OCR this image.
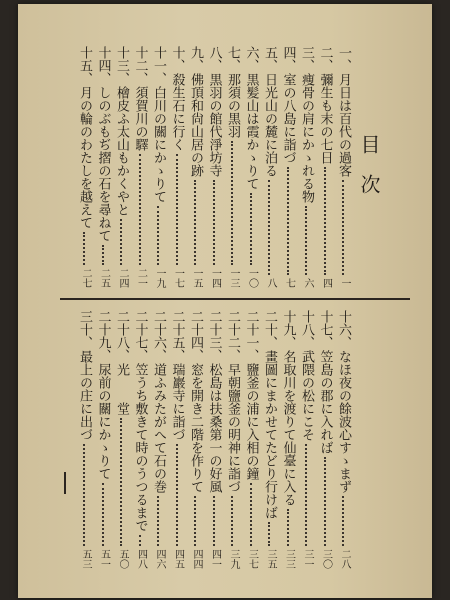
目　次
一、
月日は百代の過客
一
二、
彌生も末の七日
四
三、
痩骨の肩にかゝれる物
六
四、
室の八島に詣づ
七
五、
日光山の麓に泊る
八
六、
黒髪山は霞かゝりて
一〇
七、
那須の黒羽
一三
八、
黒羽の館代淨坊寺
一四
九、
佛頂和尙山居の跡
一五
十、
殺生石に行く
一七
十一、
白川の關にかゝりて
一九
十二、
須賀川の驛
二一
十三、
檜皮ふ太山もかくやと
二四
十四、
しのぶもぢ摺の石を尋ねて
二五
十五、
月の輪のわたしを越えて
二七
十六、
なほ夜の餘波心すゝまず
二八
十七、
笠島の郡に入れば
三〇
十八、
武隈の松にこそ
三一
十九、
名取川を渡りて仙臺に入る
三三
二十、
畫圖にまかせてたどり行けば
三五
二十一、
鹽釜の浦に入相の鐘
三七
二十二、
早朝鹽釜の明神に詣づ
三九
二十三、
松島は扶桑第一の好風
四一
二十四、
窓を開き二階を作りて
四四
二十五、
瑞巖寺に詣づ
四五
二十六、
道ふみたがへて石の巻
四六
二十七、
笠うち敷きて時のうつるまで
四八
二十八、
光　　堂
五〇
二十九、
尿前の關にかゝりて
五一
三十、
最上の庄に出づ
五三
